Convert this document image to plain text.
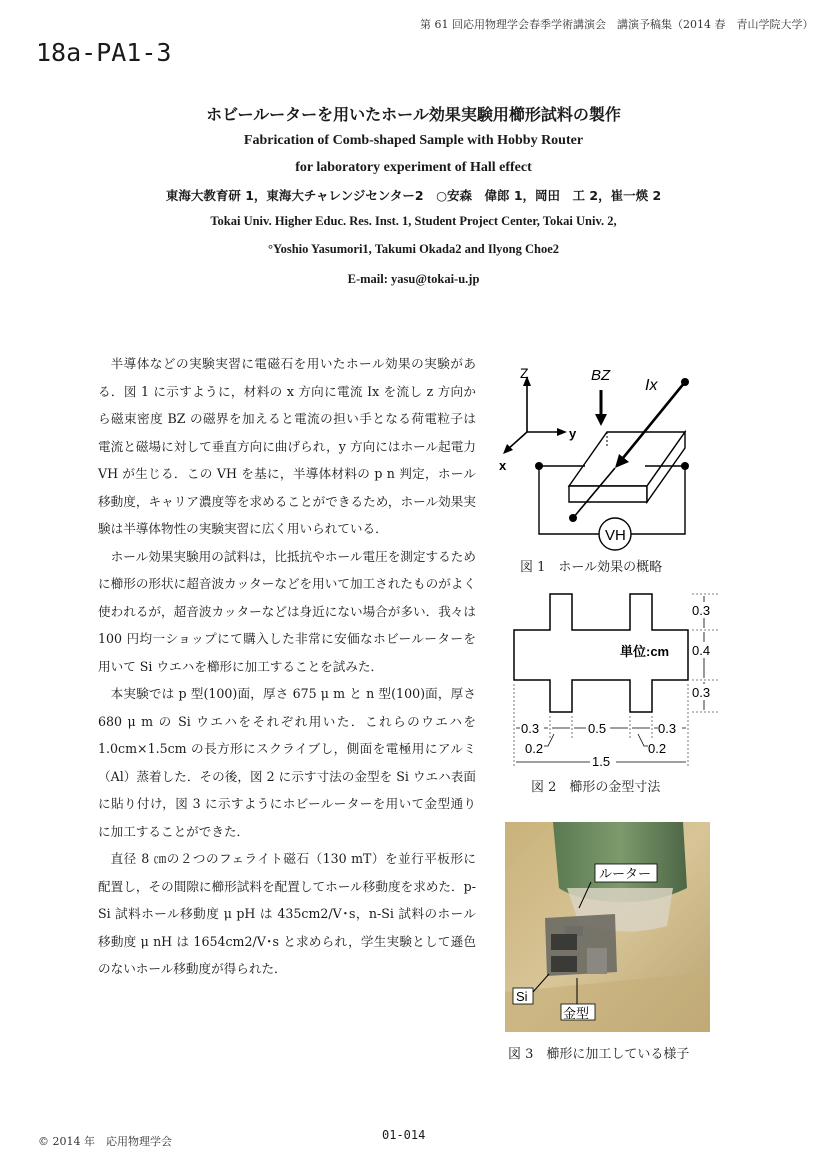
第 61 回応用物理学会春季学術講演会　講演予稿集（2014 春　青山学院大学）
18a-PA1-3
ホビールーターを用いたホール効果実験用櫛形試料の製作
Fabrication of Comb-shaped Sample with Hobby Router
for laboratory experiment of Hall effect
東海大教育研 1，東海大チャレンジセンター2　○安森　偉郎 1，岡田　工 2，崔一煐 2
Tokai Univ. Higher Educ. Res. Inst. 1, Student Project Center, Tokai Univ. 2,
°Yoshio Yasumori1, Takumi Okada2 and Ilyong Choe2
E-mail: yasu@tokai-u.jp

半導体などの実験実習に電磁石を用いたホール効果の実験がある．図 1 に示すように，材料の x 方向に電流 Ix を流し z 方向から磁束密度 BZ の磁界を加えると電流の担い手となる荷電粒子は電流と磁場に対して垂直方向に曲げられ，y 方向にはホール起電力 VH が生じる．この VH を基に，半導体材料の p n 判定，ホール移動度，キャリア濃度等を求めることができるため，ホール効果実験は半導体物性の実験実習に広く用いられている．

ホール効果実験用の試料は，比抵抗やホール電圧を測定するために櫛形の形状に超音波カッターなどを用いて加工されたものがよく使われるが，超音波カッターなどは身近にない場合が多い．我々は 100 円均一ショップにて購入した非常に安価なホビールーターを用いて Si ウエハを櫛形に加工することを試みた．

本実験では p 型(100)面，厚さ 675 μ m と n 型(100)面，厚さ 680 μ m の Si ウエハをそれぞれ用いた．これらのウエハを 1.0cm×1.5cm の長方形にスクライブし，側面を電極用にアルミ（Al）蒸着した．その後，図 2 に示す寸法の金型を Si ウエハ表面に貼り付け，図 3 に示すようにホビールーターを用いて金型通りに加工することができた．

直径 8 ㎝の２つのフェライト磁石（130 mT）を並行平板形に配置し，その間隙に櫛形試料を配置してホール移動度を求めた．p-Si 試料ホール移動度 μ pH は 435cm2/V･s，n-Si 試料のホール移動度 μ nH は 1654cm2/V･s と求められ，学生実験として遜色のないホール移動度が得られた．

Z
y
x
BZ
Ix
VH
図 1　ホール効果の概略
0.3
0.4
0.3
単位:cm
0.3	0.5	0.3
0.2	0.2
1.5
図 2　櫛形の金型寸法
ルーター
Si
金型
図 3　櫛形に加工している様子
© 2014 年　応用物理学会	01-014
